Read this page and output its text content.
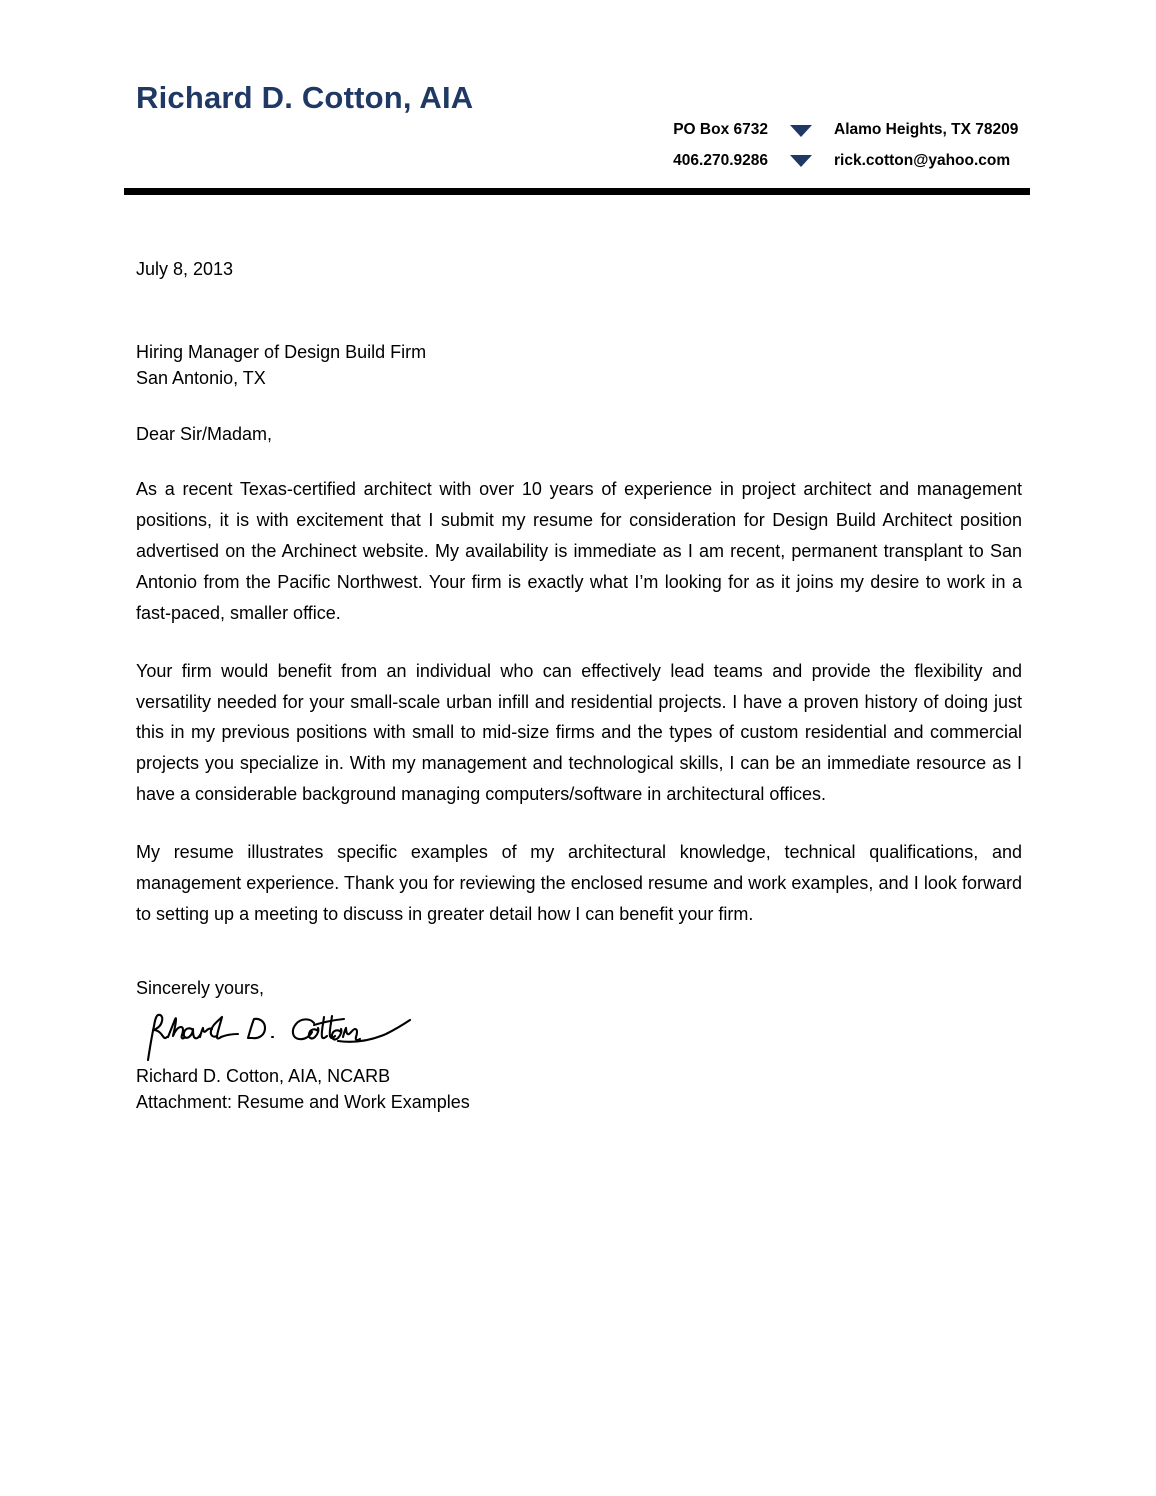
Richard D. Cotton, AIA
PO Box 6732	Alamo Heights, TX 78209
406.270.9286	rick.cotton@yahoo.com
July 8, 2013
Hiring Manager of Design Build Firm
San Antonio, TX
Dear Sir/Madam,

As a recent Texas-certified architect with over 10 years of experience in project architect and management positions, it is with excitement that I submit my resume for consideration for Design Build Architect position advertised on the Archinect website. My availability is immediate as I am recent, permanent transplant to San Antonio from the Pacific Northwest. Your firm is exactly what I’m looking for as it joins my desire to work in a fast-paced, smaller office.

Your firm would benefit from an individual who can effectively lead teams and provide the flexibility and versatility needed for your small-scale urban infill and residential projects. I have a proven history of doing just this in my previous positions with small to mid-size firms and the types of custom residential and commercial projects you specialize in. With my management and technological skills, I can be an immediate resource as I have a considerable background managing computers/software in architectural offices.

My resume illustrates specific examples of my architectural knowledge, technical qualifications, and management experience. Thank you for reviewing the enclosed resume and work examples, and I look forward to setting up a meeting to discuss in greater detail how I can benefit your firm.

Sincerely yours,
Richard D. Cotton, AIA, NCARB
Attachment: Resume and Work Examples
